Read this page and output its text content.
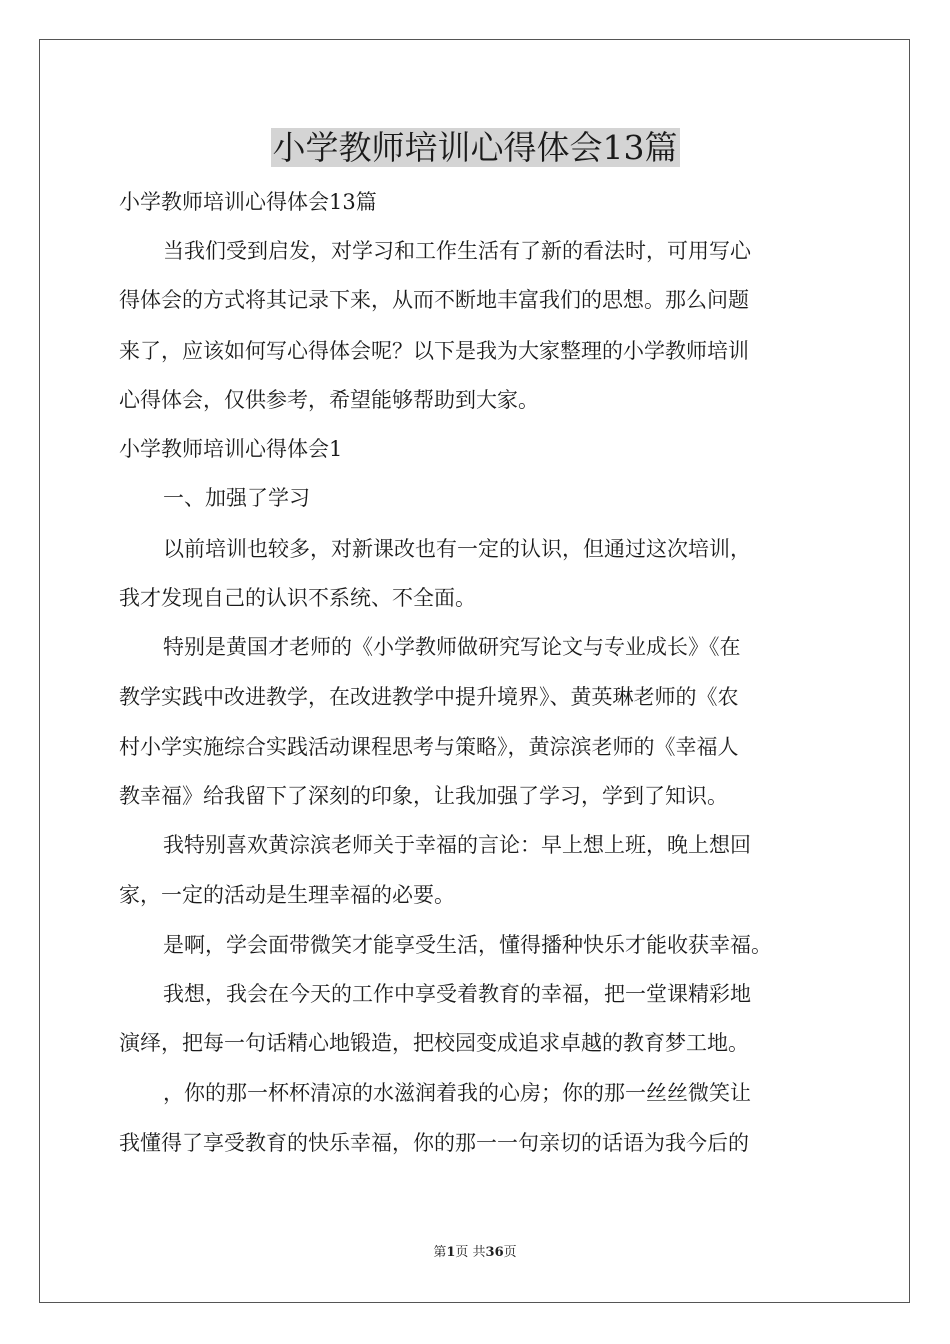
小学教师培训心得体会13篇

小学教师培训心得体会13篇

当我们受到启发，对学习和工作生活有了新的看法时，可用写心

得体会的方式将其记录下来，从而不断地丰富我们的思想。那么问题

来了，应该如何写心得体会呢？以下是我为大家整理的小学教师培训

心得体会，仅供参考，希望能够帮助到大家。

小学教师培训心得体会1

一、加强了学习

以前培训也较多，对新课改也有一定的认识，但通过这次培训，

我才发现自己的认识不系统、不全面。

特别是黄国才老师的《小学教师做研究写论文与专业成长》《在

教学实践中改进教学，在改进教学中提升境界》、黄英琳老师的《农

村小学实施综合实践活动课程思考与策略》，黄淙滨老师的《幸福人

教幸福》给我留下了深刻的印象，让我加强了学习，学到了知识。

我特别喜欢黄淙滨老师关于幸福的言论：早上想上班，晚上想回

家，一定的活动是生理幸福的必要。

是啊，学会面带微笑才能享受生活，懂得播种快乐才能收获幸福。

我想，我会在今天的工作中享受着教育的幸福，把一堂课精彩地

演绎，把每一句话精心地锻造，把校园变成追求卓越的教育梦工地。

，你的那一杯杯清凉的水滋润着我的心房；你的那一丝丝微笑让

我懂得了享受教育的快乐幸福，你的那一一句亲切的话语为我今后的

第1页 共36页
